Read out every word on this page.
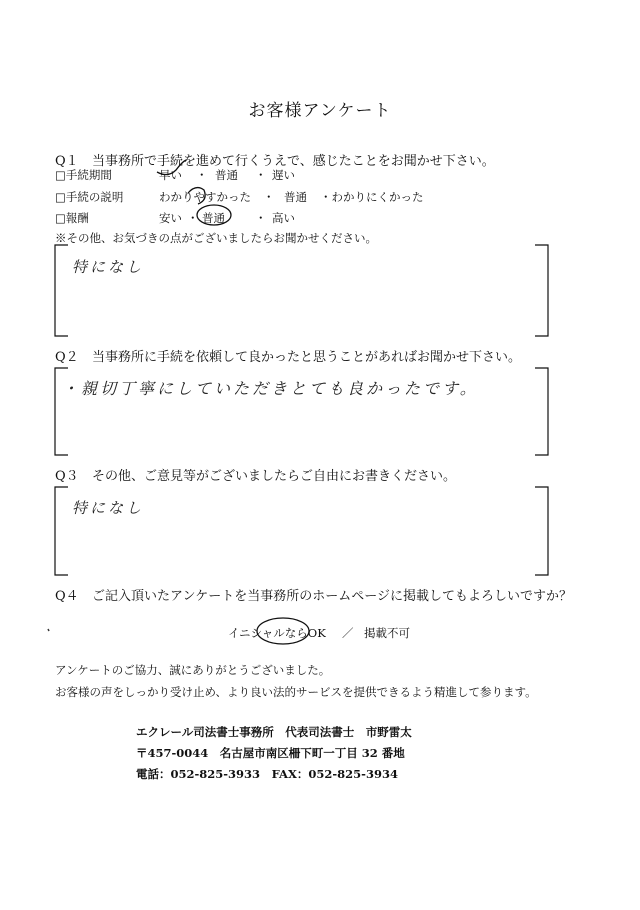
お客様アンケート
Q１ 当事務所で手続を進めて行くうえで、感じたことをお聞かせ下さい。
□手続期間	早い ・ 普通 ・ 遅い
□手続の説明	わかりやすかった ・ 普通 ・わかりにくかった
□報酬	安い ・ 普通	・ 高い
※その他、お気づきの点がございましたらお聞かせください。
特になし
Q２ 当事務所に手続を依頼して良かったと思うことがあればお聞かせ下さい。
・親切丁寧にしていただきとても良かったです。
Q３ その他、ご意見等がございましたらご自由にお書きください。
特になし
Q４ ご記入頂いたアンケートを当事務所のホームページに掲載してもよろしいですか？
イニシャルならOK ／ 掲載不可
アンケートのご協力、誠にありがとうございました。
お客様の声をしっかり受け止め、より良い法的サービスを提供できるよう精進して参ります。
エクレール司法書士事務所　代表司法書士　市野雷太
〒457-0044　名古屋市南区柵下町一丁目 32 番地
電話：052-825-3933　FAX：052-825-3934
